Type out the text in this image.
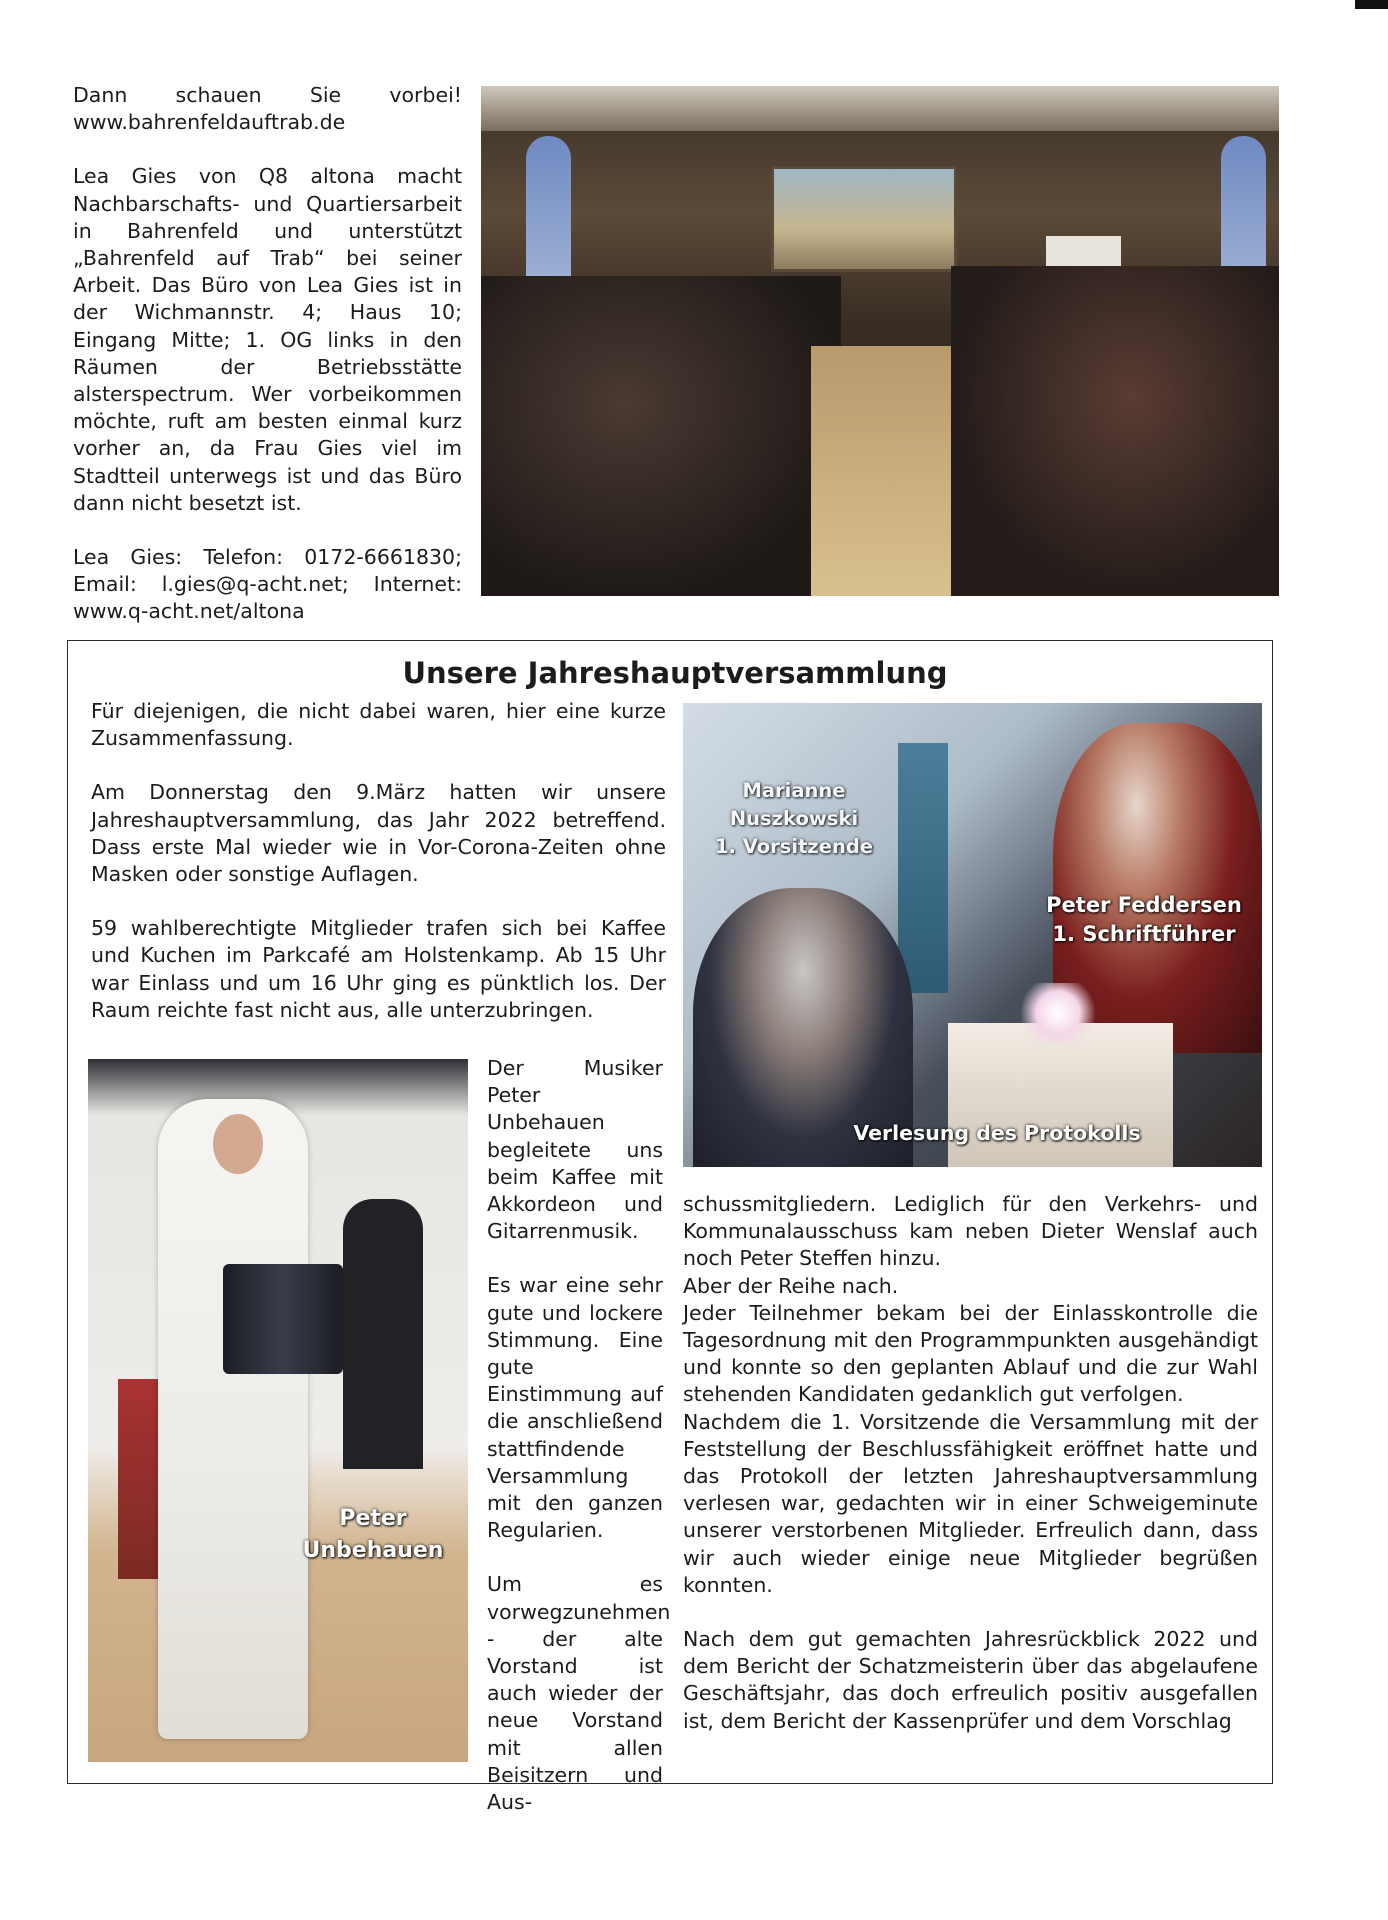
Dann schauen Sie vorbei! www.bahrenfeldauftrab.de

Lea Gies von Q8 altona macht Nachbarschafts- und Quartiersarbeit in Bahrenfeld und unterstützt „Bahrenfeld auf Trab“ bei seiner Arbeit. Das Büro von Lea Gies ist in der Wichmannstr. 4; Haus 10; Eingang Mitte; 1. OG links in den Räumen der Betriebsstätte alsterspectrum. Wer vorbeikommen möchte, ruft am besten einmal kurz vorher an, da Frau Gies viel im Stadtteil unterwegs ist und das Büro dann nicht besetzt ist.

Lea Gies: Telefon: 0172-6661830; Email: l.gies@q-acht.net; Internet: www.q-acht.net/altona

Unsere Jahreshauptversammlung

Für diejenigen, die nicht dabei waren, hier eine kurze Zusammenfassung.

Am Donnerstag den 9.März hatten wir unsere Jahreshauptversammlung, das Jahr 2022 betreffend. Dass erste Mal wieder wie in Vor-Corona-Zeiten ohne Masken oder sonstige Auflagen.

59 wahlberechtigte Mitglieder trafen sich bei Kaffee und Kuchen im Parkcafé am Holstenkamp. Ab 15 Uhr war Einlass und um 16 Uhr ging es pünktlich los. Der Raum reichte fast nicht aus, alle unterzubringen.

Marianne
Nuszkowski
1. Vorsitzende
Peter Feddersen
1. Schriftführer
Verlesung des Protokolls
Peter
Unbehauen

Der Musiker Peter Unbehauen begleitete uns beim Kaffee mit Akkordeon und Gitarrenmusik.

Es war eine sehr gute und lockere Stimmung. Eine gute Einstimmung auf die anschließend stattfindende Versammlung mit den ganzen Regularien.

Um es vorwegzunehmen - der alte Vorstand ist auch wieder der neue Vorstand mit allen Beisitzern und Aus-

schussmitgliedern. Lediglich für den Verkehrs- und Kommunalausschuss kam neben Dieter Wenslaf auch noch Peter Steffen hinzu.

Aber der Reihe nach.

Jeder Teilnehmer bekam bei der Einlasskontrolle die Tagesordnung mit den Programmpunkten ausgehändigt und konnte so den geplanten Ablauf und die zur Wahl stehenden Kandidaten gedanklich gut verfolgen.

Nachdem die 1. Vorsitzende die Versammlung mit der Feststellung der Beschlussfähigkeit eröffnet hatte und das Protokoll der letzten Jahreshauptversammlung verlesen war, gedachten wir in einer Schweigeminute unserer verstorbenen Mitglieder. Erfreulich dann, dass wir auch wieder einige neue Mitglieder begrüßen konnten.

Nach dem gut gemachten Jahresrückblick 2022 und dem Bericht der Schatzmeisterin über das abgelaufene Geschäftsjahr, das doch erfreulich positiv ausgefallen ist, dem Bericht der Kassenprüfer und dem Vorschlag
